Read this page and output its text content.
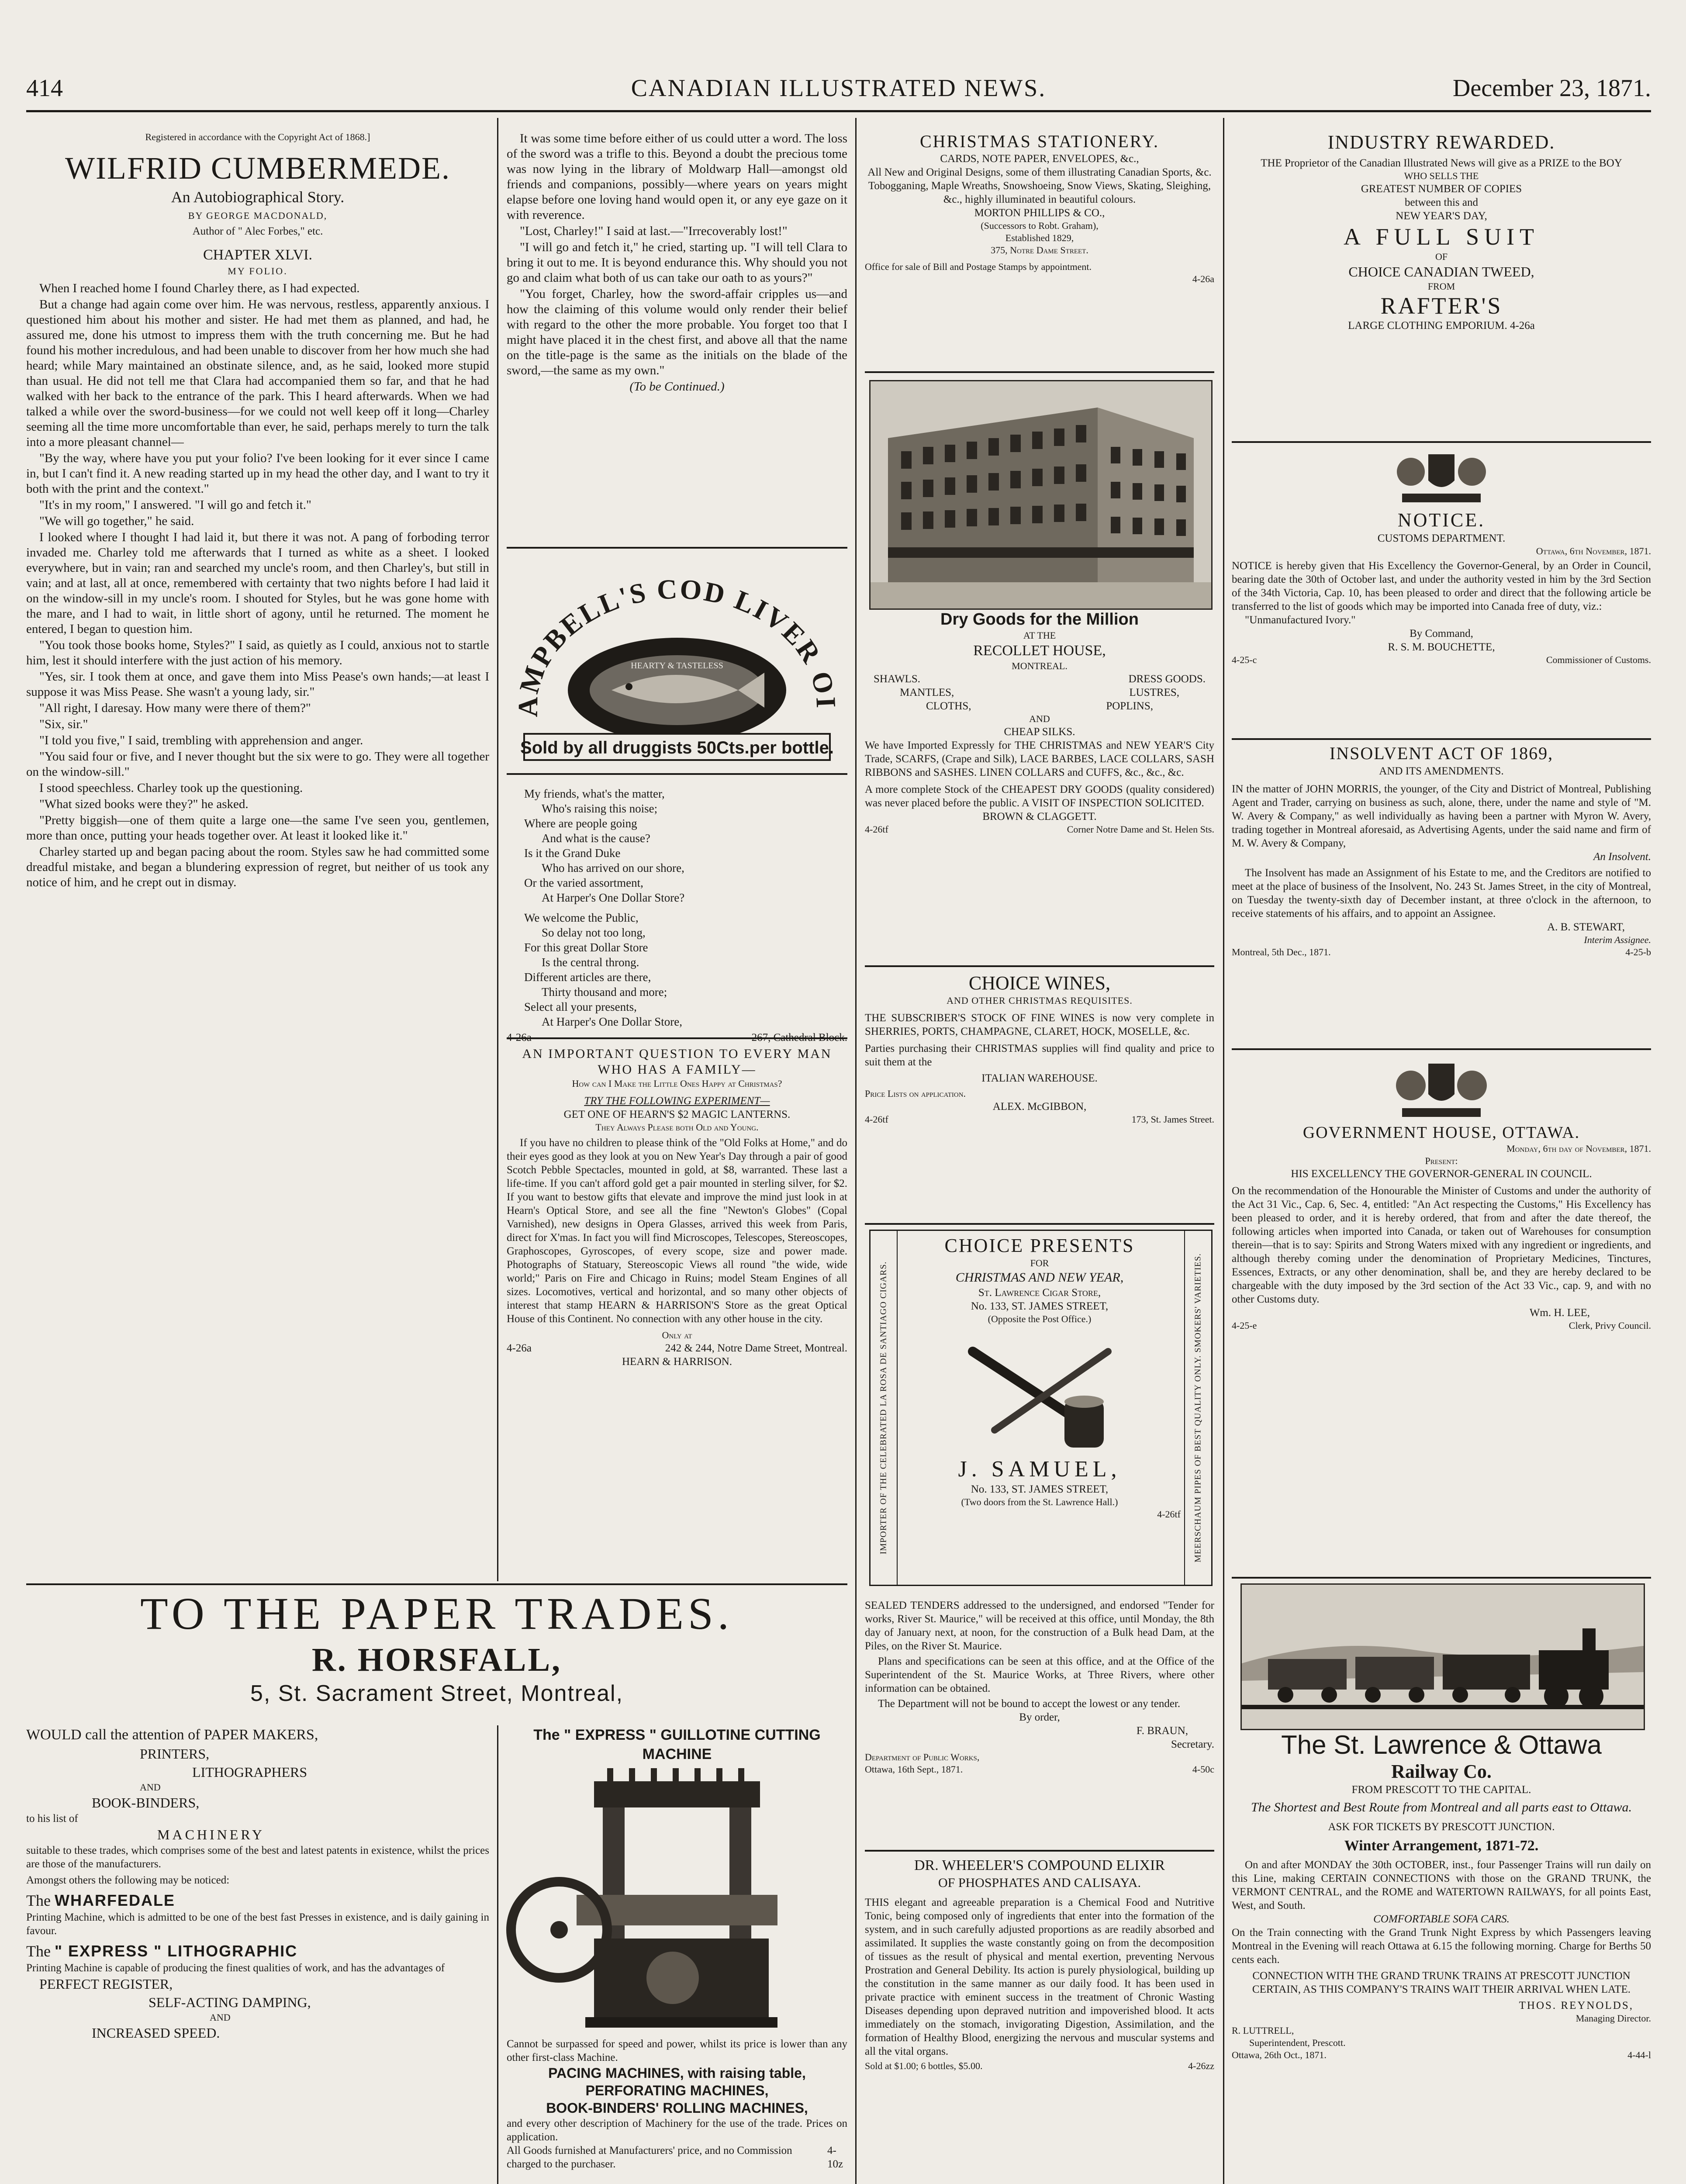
414	CANADIAN ILLUSTRATED NEWS.	December 23, 1871.
Registered in accordance with the Copyright Act of 1868.]
WILFRID CUMBERMEDE.
An Autobiographical Story.
BY GEORGE MACDONALD,
Author of " Alec Forbes," etc.
CHAPTER XLVI.
MY FOLIO.

When I reached home I found Charley there, as I had expected.

But a change had again come over him. He was nervous, restless, apparently anxious. I questioned him about his mother and sister. He had met them as planned, and had, he assured me, done his utmost to impress them with the truth concerning me. But he had found his mother incredulous, and had been unable to discover from her how much she had heard; while Mary maintained an obstinate silence, and, as he said, looked more stupid than usual. He did not tell me that Clara had accompanied them so far, and that he had walked with her back to the entrance of the park. This I heard afterwards. When we had talked a while over the sword-business—for we could not well keep off it long—Charley seeming all the time more uncomfortable than ever, he said, perhaps merely to turn the talk into a more pleasant channel—

"By the way, where have you put your folio? I've been looking for it ever since I came in, but I can't find it. A new reading started up in my head the other day, and I want to try it both with the print and the context."

"It's in my room," I answered. "I will go and fetch it."

"We will go together," he said.

I looked where I thought I had laid it, but there it was not. A pang of forboding terror invaded me. Charley told me afterwards that I turned as white as a sheet. I looked everywhere, but in vain; ran and searched my uncle's room, and then Charley's, but still in vain; and at last, all at once, remembered with certainty that two nights before I had laid it on the window-sill in my uncle's room. I shouted for Styles, but he was gone home with the mare, and I had to wait, in little short of agony, until he returned. The moment he entered, I began to question him.

"You took those books home, Styles?" I said, as quietly as I could, anxious not to startle him, lest it should interfere with the just action of his memory.

"Yes, sir. I took them at once, and gave them into Miss Pease's own hands;—at least I suppose it was Miss Pease. She wasn't a young lady, sir."

"All right, I daresay. How many were there of them?"

"Six, sir."

"I told you five," I said, trembling with apprehension and anger.

"You said four or five, and I never thought but the six were to go. They were all together on the window-sill."

I stood speechless. Charley took up the questioning.

"What sized books were they?" he asked.

"Pretty biggish—one of them quite a large one—the same I've seen you, gentlemen, more than once, putting your heads together over. At least it looked like it."

Charley started up and began pacing about the room. Styles saw he had committed some dreadful mistake, and began a blundering expression of regret, but neither of us took any notice of him, and he crept out in dismay.

It was some time before either of us could utter a word. The loss of the sword was a trifle to this. Beyond a doubt the precious tome was now lying in the library of Moldwarp Hall—amongst old friends and companions, possibly—where years on years might elapse before one loving hand would open it, or any eye gaze on it with reverence.

"Lost, Charley!" I said at last.—"Irrecoverably lost!"

"I will go and fetch it," he cried, starting up. "I will tell Clara to bring it out to me. It is beyond endurance this. Why should you not go and claim what both of us can take our oath to as yours?"

"You forget, Charley, how the sword-affair cripples us—and how the claiming of this volume would only render their belief with regard to the other the more probable. You forget too that I might have placed it in the chest first, and above all that the name on the title-page is the same as the initials on the blade of the sword,—the same as my own."

(To be Continued.)
AMPBELL'S COD LIVER OI
HEARTY & TASTELESS
Sold by all druggists 50Cts.per bottle.
My friends, what's the matter,
Who's raising this noise;
Where are people going
And what is the cause?
Is it the Grand Duke
Who has arrived on our shore,
Or the varied assortment,
At Harper's One Dollar Store?
We welcome the Public,
So delay not too long,
For this great Dollar Store
Is the central throng.
Different articles are there,
Thirty thousand and more;
Select all your presents,
At Harper's One Dollar Store,
AN IMPORTANT QUESTION TO EVERY MAN WHO HAS A FAMILY—
How can I Make the Little Ones Happy at Christmas?
TRY THE FOLLOWING EXPERIMENT—
GET ONE OF HEARN'S $2 MAGIC LANTERNS.
They Always Please both Old and Young.
If you have no children to please think of the "Old Folks at Home," and do their eyes good as they look at you on New Year's Day through a pair of good Scotch Pebble Spectacles, mounted in gold, at $8, warranted. These last a life-time. If you can't afford gold get a pair mounted in sterling silver, for $2. If you want to bestow gifts that elevate and improve the mind just look in at Hearn's Optical Store, and see all the fine "Newton's Globes" (Copal Varnished), new designs in Opera Glasses, arrived this week from Paris, direct for X'mas. In fact you will find Microscopes, Telescopes, Stereoscopes, Graphoscopes, Gyroscopes, of every scope, size and power made. Photographs of Statuary, Stereoscopic Views all round "the wide, wide world;" Paris on Fire and Chicago in Ruins; model Steam Engines of all sizes. Locomotives, vertical and horizontal, and so many other objects of interest that stamp HEARN & HARRISON'S Store as the great Optical House of this Continent. No connection with any other house in the city.
Only at
4-26a	242 & 244, Notre Dame Street, Montreal.
HEARN & HARRISON.
CHRISTMAS STATIONERY.
CARDS, NOTE PAPER, ENVELOPES, &c.,
All New and Original Designs, some of them illustrating Canadian Sports, &c. Tobogganing, Maple Wreaths, Snowshoeing, Snow Views, Skating, Sleighing, &c., highly illuminated in beautiful colours.
MORTON PHILLIPS & CO.,
(Successors to Robt. Graham),
Established 1829,
375, Notre Dame Street.
Office for sale of Bill and Postage Stamps by appointment.
4-26a
Dry Goods for the Million
AT THE
RECOLLET HOUSE,
MONTREAL.
SHAWLS.	DRESS GOODS.
MANTLES,	LUSTRES,
CLOTHS,	POPLINS,
AND
CHEAP SILKS.
We have Imported Expressly for THE CHRISTMAS and NEW YEAR'S City Trade, SCARFS, (Crape and Silk), LACE BARBES, LACE COLLARS, SASH RIBBONS and SASHES. LINEN COLLARS and CUFFS, &c., &c., &c.
A more complete Stock of the CHEAPEST DRY GOODS (quality considered) was never placed before the public. A VISIT OF INSPECTION SOLICITED.
BROWN & CLAGGETT.
4-26tf	Corner Notre Dame and St. Helen Sts.
CHOICE WINES,
AND OTHER CHRISTMAS REQUISITES.
THE SUBSCRIBER'S STOCK OF FINE WINES is now very complete in SHERRIES, PORTS, CHAMPAGNE, CLARET, HOCK, MOSELLE, &c.
Parties purchasing their CHRISTMAS supplies will find quality and price to suit them at the
ITALIAN WAREHOUSE.
Price Lists on application.
ALEX. McGIBBON,
4-26tf	173, St. James Street.
IMPORTER OF THE CELEBRATED LA ROSA DE SANTIAGO CIGARS.	MEERSCHAUM PIPES OF BEST QUALITY ONLY. SMOKERS' VARIETIES.
CHOICE PRESENTS
FOR
CHRISTMAS AND NEW YEAR,
St. Lawrence Cigar Store,
No. 133, ST. JAMES STREET,
(Opposite the Post Office.)
J. SAMUEL,
No. 133, ST. JAMES STREET,
(Two doors from the St. Lawrence Hall.)
4-26tf
SEALED TENDERS addressed to the undersigned, and endorsed "Tender for works, River St. Maurice," will be received at this office, until Monday, the 8th day of January next, at noon, for the construction of a Bulk head Dam, at the Piles, on the River St. Maurice.
Plans and specifications can be seen at this office, and at the Office of the Superintendent of the St. Maurice Works, at Three Rivers, where other information can be obtained.
The Department will not be bound to accept the lowest or any tender.
By order,
F. BRAUN,
Secretary.
Department of Public Works,
Ottawa, 16th Sept., 1871.	4-50c
DR. WHEELER'S COMPOUND ELIXIR
OF PHOSPHATES AND CALISAYA.
THIS elegant and agreeable preparation is a Chemical Food and Nutritive Tonic, being composed only of ingredients that enter into the formation of the system, and in such carefully adjusted proportions as are readily absorbed and assimilated. It supplies the waste constantly going on from the decomposition of tissues as the result of physical and mental exertion, preventing Nervous Prostration and General Debility. Its action is purely physiological, building up the constitution in the same manner as our daily food. It has been used in private practice with eminent success in the treatment of Chronic Wasting Diseases depending upon depraved nutrition and impoverished blood. It acts immediately on the stomach, invigorating Digestion, Assimilation, and the formation of Healthy Blood, energizing the nervous and muscular systems and all the vital organs.
Sold at $1.00; 6 bottles, $5.00.	4-26zz
INDUSTRY REWARDED.
THE Proprietor of the Canadian Illustrated News will give as a PRIZE to the BOY
WHO SELLS THE
GREATEST NUMBER OF COPIES
between this and
NEW YEAR'S DAY,
A FULL SUIT
OF
CHOICE CANADIAN TWEED,
FROM
RAFTER'S
LARGE CLOTHING EMPORIUM. 4-26a
NOTICE.
CUSTOMS DEPARTMENT.
Ottawa, 6th November, 1871.
NOTICE is hereby given that His Excellency the Governor-General, by an Order in Council, bearing date the 30th of October last, and under the authority vested in him by the 3rd Section of the 34th Victoria, Cap. 10, has been pleased to order and direct that the following article be transferred to the list of goods which may be imported into Canada free of duty, viz.:
"Unmanufactured Ivory."
By Command,
R. S. M. BOUCHETTE,
4-25-c	Commissioner of Customs.
INSOLVENT ACT OF 1869,
AND ITS AMENDMENTS.
IN the matter of JOHN MORRIS, the younger, of the City and District of Montreal, Publishing Agent and Trader, carrying on business as such, alone, there, under the name and style of "M. W. Avery & Company," as well individually as having been a partner with Myron W. Avery, trading together in Montreal aforesaid, as Advertising Agents, under the said name and firm of M. W. Avery & Company,
An Insolvent.
The Insolvent has made an Assignment of his Estate to me, and the Creditors are notified to meet at the place of business of the Insolvent, No. 243 St. James Street, in the city of Montreal, on Tuesday the twenty-sixth day of December instant, at three o'clock in the afternoon, to receive statements of his affairs, and to appoint an Assignee.
A. B. STEWART,
Interim Assignee.
Montreal, 5th Dec., 1871.	4-25-b
GOVERNMENT HOUSE, OTTAWA.
Monday, 6th day of November, 1871.
Present:
HIS EXCELLENCY THE GOVERNOR-GENERAL IN COUNCIL.
On the recommendation of the Honourable the Minister of Customs and under the authority of the Act 31 Vic., Cap. 6, Sec. 4, entitled: "An Act respecting the Customs," His Excellency has been pleased to order, and it is hereby ordered, that from and after the date thereof, the following articles when imported into Canada, or taken out of Warehouses for consumption therein—that is to say: Spirits and Strong Waters mixed with any ingredient or ingredients, and although thereby coming under the denomination of Proprietary Medicines, Tinctures, Essences, Extracts, or any other denomination, shall be, and they are hereby declared to be chargeable with the duty imposed by the 3rd section of the Act 33 Vic., cap. 9, and with no other Customs duty.
Wm. H. LEE,
4-25-e	Clerk, Privy Council.
The St. Lawrence & Ottawa
Railway Co.
FROM PRESCOTT TO THE CAPITAL.
The Shortest and Best Route from Montreal and all parts east to Ottawa.
ASK FOR TICKETS BY PRESCOTT JUNCTION.
Winter Arrangement, 1871-72.
On and after MONDAY the 30th OCTOBER, inst., four Passenger Trains will run daily on this Line, making CERTAIN CONNECTIONS with those on the GRAND TRUNK, the VERMONT CENTRAL, and the ROME and WATERTOWN RAILWAYS, for all points East, West, and South.
COMFORTABLE SOFA CARS.
On the Train connecting with the Grand Trunk Night Express by which Passengers leaving Montreal in the Evening will reach Ottawa at 6.15 the following morning. Charge for Berths 50 cents each.
CONNECTION WITH THE GRAND TRUNK TRAINS AT PRESCOTT JUNCTION CERTAIN, AS THIS COMPANY'S TRAINS WAIT THEIR ARRIVAL WHEN LATE.
THOS. REYNOLDS,
Managing Director.
R. LUTTRELL,
Superintendent, Prescott.
Ottawa, 26th Oct., 1871.	4-44-l
TO THE PAPER TRADES.
R. HORSFALL,
5, St. Sacrament Street, Montreal,
WOULD call the attention of PAPER MAKERS,
PRINTERS,
LITHOGRAPHERS
AND
BOOK-BINDERS,
to his list of
MACHINERY
suitable to these trades, which comprises some of the best and latest patents in existence, whilst the prices are those of the manufacturers.
Amongst others the following may be noticed:
The WHARFEDALE
Printing Machine, which is admitted to be one of the best fast Presses in existence, and is daily gaining in favour.
The " EXPRESS " LITHOGRAPHIC
Printing Machine is capable of producing the finest qualities of work, and has the advantages of
PERFECT REGISTER,
SELF-ACTING DAMPING,
AND
INCREASED SPEED.
The " EXPRESS " GUILLOTINE CUTTING MACHINE
Cannot be surpassed for speed and power, whilst its price is lower than any other first-class Machine.
PACING MACHINES, with raising table,
PERFORATING MACHINES,
BOOK-BINDERS' ROLLING MACHINES,
and every other description of Machinery for the use of the trade. Prices on application.
All Goods furnished at Manufacturers' price, and no Commission charged to the purchaser.
4-10z
